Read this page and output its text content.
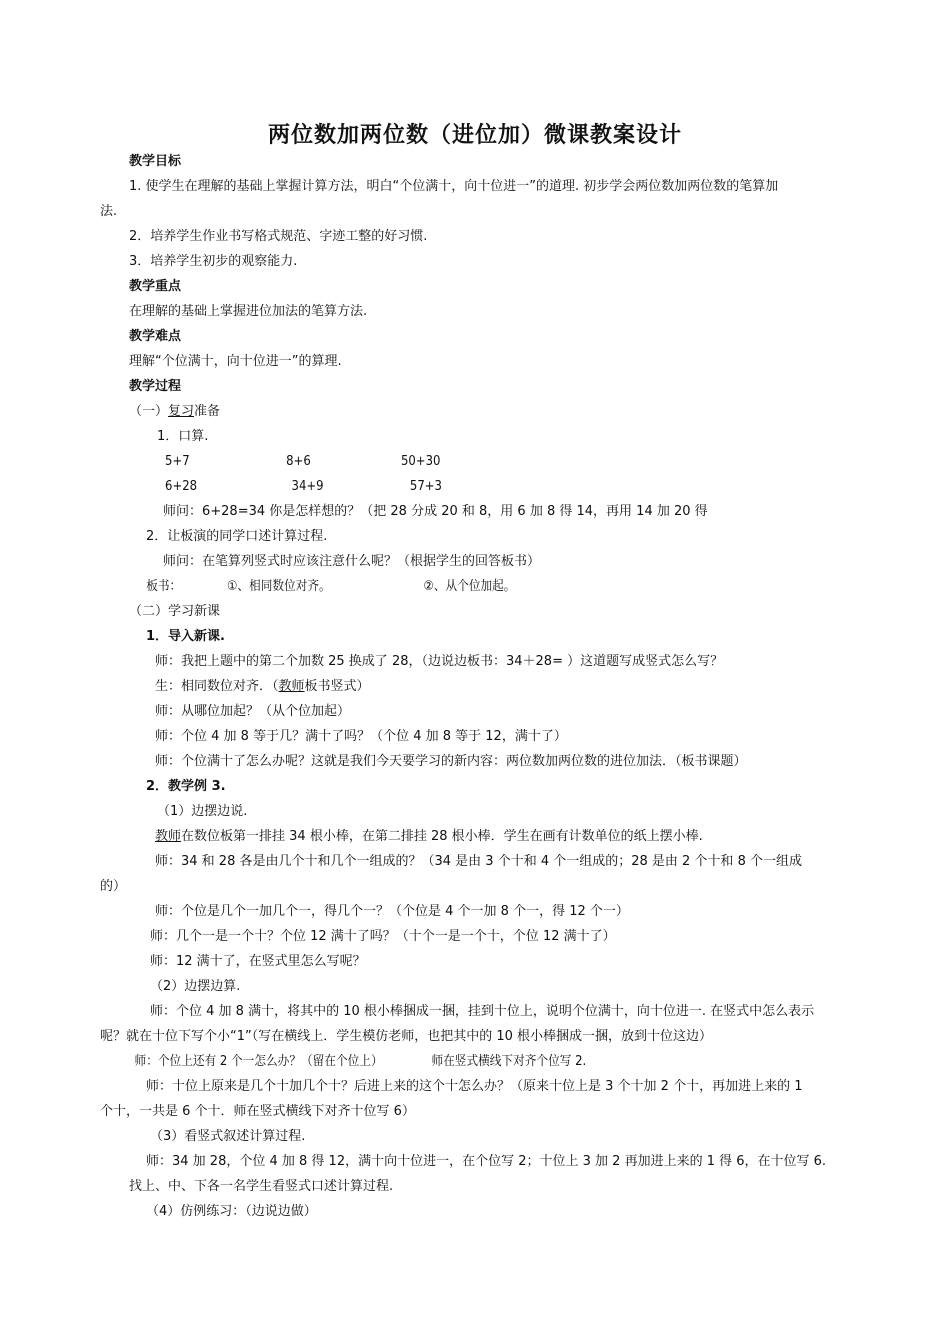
两位数加两位数（进位加）微课教案设计

教学目标

1. 使学生在理解的基础上掌握计算方法，明白“个位满十，向十位进一”的道理. 初步学会两位数加两位数的笔算加

法.

2．培养学生作业书写格式规范、字迹工整的好习惯.

3．培养学生初步的观察能力.

教学重点

在理解的基础上掌握进位加法的笔算方法.

教学难点

理解“个位满十，向十位进一”的算理.

教学过程

（一）复习准备

1．口算.

5+7	8+6	50+30
6+28	34+9	57+3

师问：6+28=34 你是怎样想的？（把 28 分成 20 和 8，用 6 加 8 得 14，再用 14 加 20 得

2．让板演的同学口述计算过程.

师问：在笔算列竖式时应该注意什么呢？（根据学生的回答板书）

板书：	①、相同数位对齐。	②、从个位加起。

（二）学习新课

1．导入新课.

师：我把上题中的第二个加数 25 换成了 28，（边说边板书：34＋28= ）这道题写成竖式怎么写？

生：相同数位对齐．（教师板书竖式）

师：从哪位加起？（从个位加起）

师：个位 4 加 8 等于几？满十了吗？（个位 4 加 8 等于 12，满十了）

师：个位满十了怎么办呢？这就是我们今天要学习的新内容：两位数加两位数的进位加法．（板书课题）

2．教学例 3.

（1）边摆边说.

教师在数位板第一排挂 34 根小棒，在第二排挂 28 根小棒．学生在画有计数单位的纸上摆小棒.

师：34 和 28 各是由几个十和几个一组成的？（34 是由 3 个十和 4 个一组成的；28 是由 2 个十和 8 个一组成

的）

师：个位是几个一加几个一，得几个一？（个位是 4 个一加 8 个一，得 12 个一）

师：几个一是一个十？个位 12 满十了吗？（十个一是一个十，个位 12 满十了）

师：12 满十了，在竖式里怎么写呢？

（2）边摆边算.

师：个位 4 加 8 满十，将其中的 10 根小棒捆成一捆，挂到十位上，说明个位满十，向十位进一. 在竖式中怎么表示

呢？就在十位下写个小“1”（写在横线上．学生模仿老师，也把其中的 10 根小棒捆成一捆，放到十位这边）

师：个位上还有 2 个一怎么办？（留在个位上）	师在竖式横线下对齐个位写 2.

师：十位上原来是几个十加几个十？后进上来的这个十怎么办？（原来十位上是 3 个十加 2 个十，再加进上来的 1

个十，一共是 6 个十．师在竖式横线下对齐十位写 6）

（3）看竖式叙述计算过程.

师：34 加 28，个位 4 加 8 得 12，满十向十位进一，在个位写 2；十位上 3 加 2 再加进上来的 1 得 6，在十位写 6.

找上、中、下各一名学生看竖式口述计算过程.

（4）仿例练习：（边说边做）
